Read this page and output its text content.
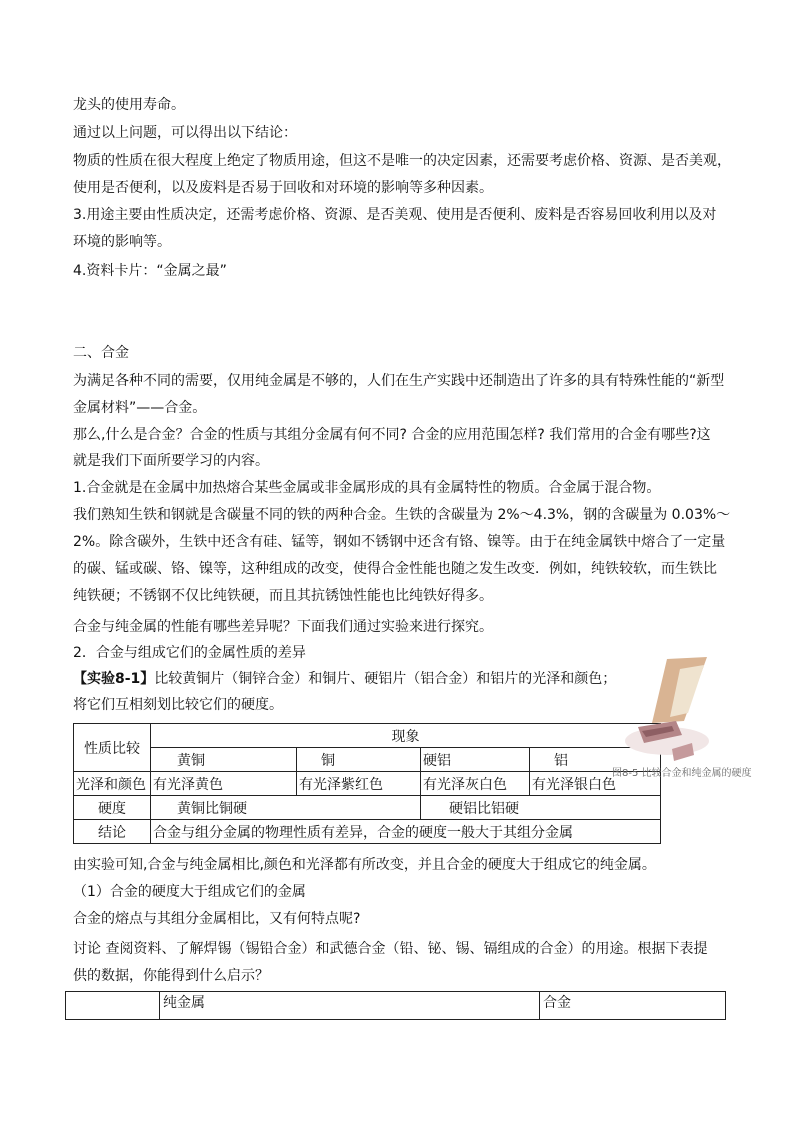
龙头的使用寿命。
通过以上问题，可以得出以下结论：
物质的性质在很大程度上绝定了物质用途，但这不是唯一的决定因素，还需要考虑价格、资源、是否美观，
使用是否便利，以及废料是否易于回收和对环境的影响等多种因素。
3.用途主要由性质决定，还需考虑价格、资源、是否美观、使用是否便利、废料是否容易回收利用以及对
环境的影响等。
4.资料卡片：“金属之最”
二、合金
为满足各种不同的需要，仅用纯金属是不够的，人们在生产实践中还制造出了许多的具有特殊性能的“新型
金属材料”——合金。
那么,什么是合金？合金的性质与其组分金属有何不同? 合金的应用范围怎样? 我们常用的合金有哪些?这
就是我们下面所要学习的内容。
1.合金就是在金属中加热熔合某些金属或非金属形成的具有金属特性的物质。合金属于混合物。
我们熟知生铁和钢就是含碳量不同的铁的两种合金。生铁的含碳量为 2%～4.3%，钢的含碳量为 0.03%～
2%。除含碳外，生铁中还含有硅、锰等，钢如不锈钢中还含有铬、镍等。由于在纯金属铁中熔合了一定量
的碳、锰或碳、铬、镍等，这种组成的改变，使得合金性能也随之发生改变．例如，纯铁较软，而生铁比
纯铁硬；不锈钢不仅比纯铁硬，而且其抗锈蚀性能也比纯铁好得多。
合金与纯金属的性能有哪些差异呢？下面我们通过实验来进行探究。
2．合金与组成它们的金属性质的差异
【实验8-1】比较黄铜片（铜锌合金）和铜片、硬铝片（铝合金）和铝片的光泽和颜色；
将它们互相刻划比较它们的硬度。
性质比较	现象			
	黄铜	铜	硬铝	铝
光泽和颜色	有光泽黄色	有光泽紫红色	有光泽灰白色	有光泽银白色
硬度	黄铜比铜硬		硬铝比铝硬	
结论	合金与组分金属的物理性质有差异，合金的硬度一般大于其组分金属			
图8-5 比较合金和纯金属的硬度
由实验可知,合金与纯金属相比,颜色和光泽都有所改变，并且合金的硬度大于组成它的纯金属。
（1）合金的硬度大于组成它们的金属
合金的熔点与其组分金属相比，又有何特点呢?
讨论 查阅资料、了解焊锡（锡铅合金）和武德合金（铅、铋、锡、镉组成的合金）的用途。根据下表提
供的数据，你能得到什么启示？
	纯金属	合金
